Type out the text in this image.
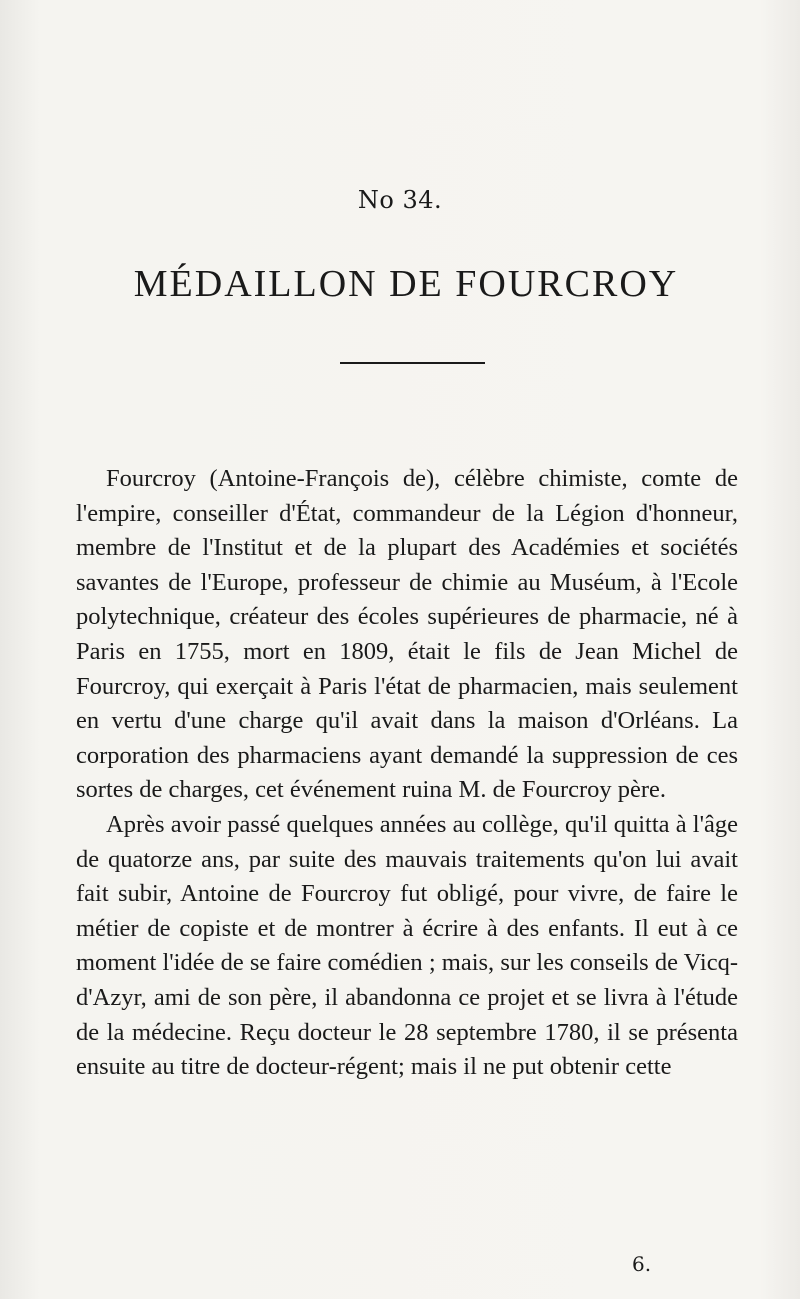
No 34.
MÉDAILLON DE FOURCROY

Fourcroy (Antoine-François de), célèbre chimiste, comte de l'empire, conseiller d'État, commandeur de la Légion d'honneur, membre de l'Institut et de la plupart des Académies et sociétés savantes de l'Europe, professeur de chimie au Muséum, à l'Ecole polytechnique, créateur des écoles supérieures de pharmacie, né à Paris en 1755, mort en 1809, était le fils de Jean Michel de Fourcroy, qui exerçait à Paris l'état de pharmacien, mais seulement en vertu d'une charge qu'il avait dans la maison d'Orléans. La corporation des pharmaciens ayant demandé la suppression de ces sortes de charges, cet événement ruina M. de Fourcroy père.

Après avoir passé quelques années au collège, qu'il quitta à l'âge de quatorze ans, par suite des mauvais traitements qu'on lui avait fait subir, Antoine de Fourcroy fut obligé, pour vivre, de faire le métier de copiste et de montrer à écrire à des enfants. Il eut à ce moment l'idée de se faire comédien ; mais, sur les conseils de Vicq-d'Azyr, ami de son père, il abandonna ce projet et se livra à l'étude de la médecine. Reçu docteur le 28 septembre 1780, il se présenta ensuite au titre de docteur-régent; mais il ne put obtenir cette

6.
